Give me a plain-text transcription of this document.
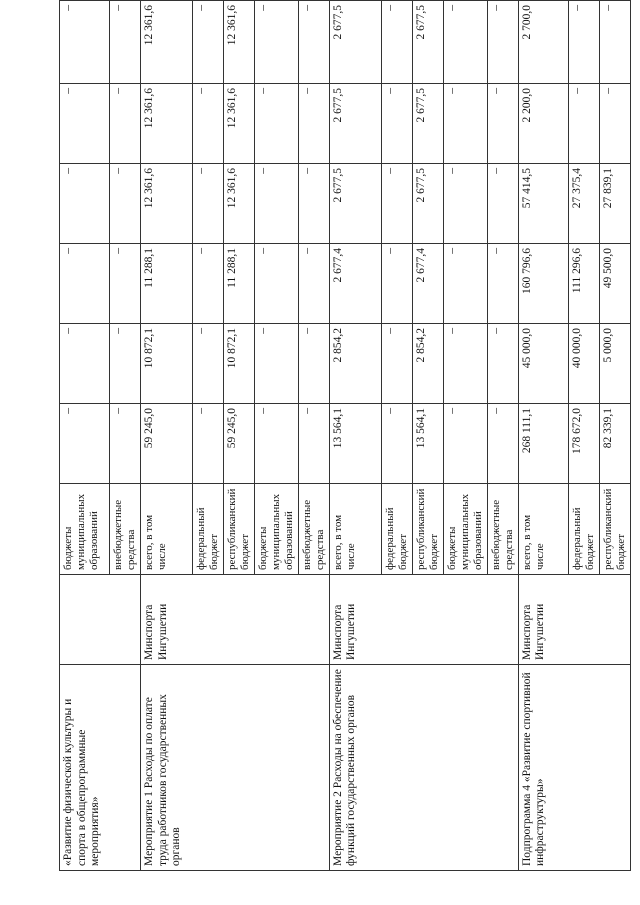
«Развитие физической культуры и спорта в общепрограммные мероприятия»		бюджеты муниципальных образований	–	–	–	–	–	–
		внебюджетные средства	–	–	–	–	–	–
Мероприятие 1 Расходы по оплате труда работников государственных органов	Минспорта Ингушетии	всего, в том числе	59 245,0	10 872,1	11 288,1	12 361,6	12 361,6	12 361,6
		федеральный бюджет	–	–	–	–	–	–
		республиканский бюджет	59 245,0	10 872,1	11 288,1	12 361,6	12 361,6	12 361,6
		бюджеты муниципальных образований	–	–	–	–	–	–
		внебюджетные средства	–	–	–	–	–	–
Мероприятие 2 Расходы на обеспечение функций государственных органов	Минспорта Ингушетии	всего, в том числе	13 564,1	2 854,2	2 677,4	2 677,5	2 677,5	2 677,5
		федеральный бюджет	–	–	–	–	–	–
		республиканский бюджет	13 564,1	2 854,2	2 677,4	2 677,5	2 677,5	2 677,5
		бюджеты муниципальных образований	–	–	–	–	–	–
		внебюджетные средства	–	–	–	–	–	–
Подпрограмма 4 «Развитие спортивной инфраструктуры»	Минспорта Ингушетии	всего, в том числе	268 111,1	45 000,0	160 796,6	57 414,5	2 200,0	2 700,0
		федеральный бюджет	178 672,0	40 000,0	111 296,6	27 375,4	–	–
		республиканский бюджет	82 339,1	5 000,0	49 500,0	27 839,1	–	–
